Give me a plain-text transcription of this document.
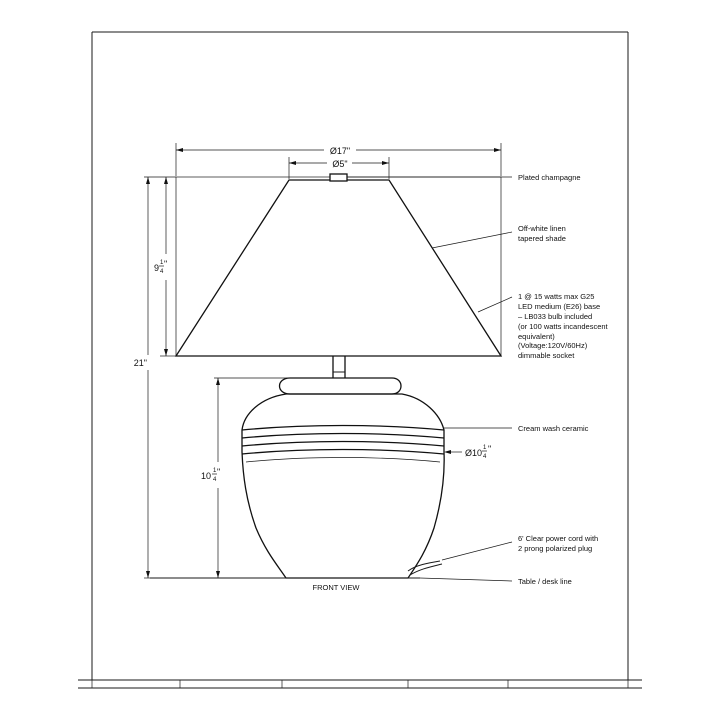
Ø17"
Ø5"
21"
9 1
4
"
10 1
4
"
Ø10 1
4
"
Plated champagne
Off-white linen
tapered shade
1 @ 15 watts max G25
LED medium (E26) base
– LB033 bulb included
(or 100 watts incandescent
equivalent)
(Voltage:120V/60Hz)
dimmable socket
Cream wash ceramic
6' Clear power cord with
2 prong polarized plug
Table / desk line
FRONT VIEW
